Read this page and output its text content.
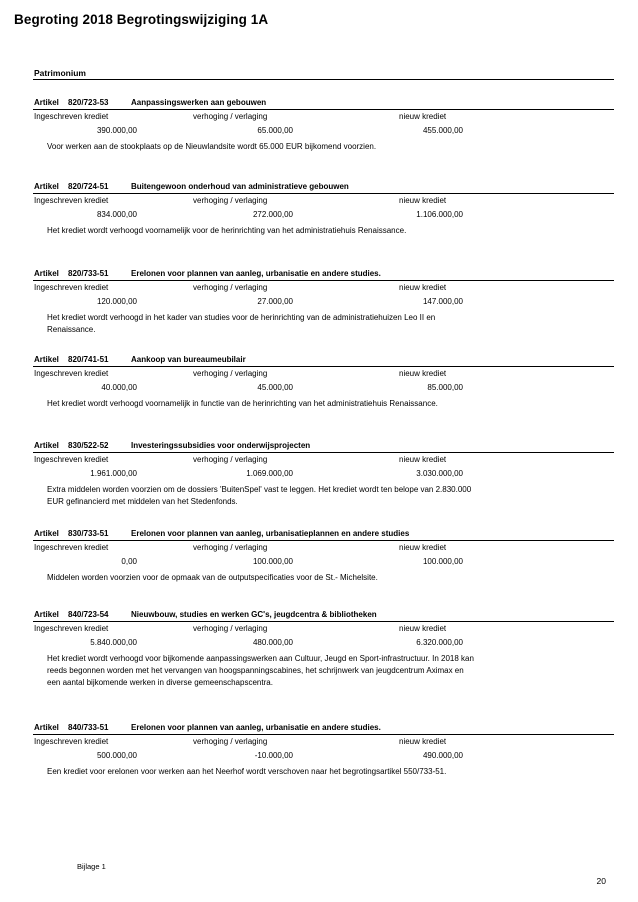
Begroting 2018 Begrotingswijziging 1A
Patrimonium
Artikel 820/723-53	Aanpassingswerken aan gebouwen
Ingeschreven krediet	verhoging / verlaging	nieuw krediet
390.000,00	65.000,00	455.000,00
Voor werken aan de stookplaats op de Nieuwlandsite wordt 65.000 EUR bijkomend voorzien.
Artikel 820/724-51	Buitengewoon onderhoud van administratieve gebouwen
Ingeschreven krediet	verhoging / verlaging	nieuw krediet
834.000,00	272.000,00	1.106.000,00
Het krediet wordt verhoogd voornamelijk voor de herinrichting van het administratiehuis Renaissance.
Artikel 820/733-51	Erelonen voor plannen van aanleg, urbanisatie en andere studies.
Ingeschreven krediet	verhoging / verlaging	nieuw krediet
120.000,00	27.000,00	147.000,00
Het krediet wordt verhoogd in het kader van studies voor de herinrichting van de administratiehuizen Leo II en Renaissance.
Artikel 820/741-51	Aankoop van bureaumeubilair
Ingeschreven krediet	verhoging / verlaging	nieuw krediet
40.000,00	45.000,00	85.000,00
Het krediet wordt verhoogd voornamelijk in functie van de herinrichting van het administratiehuis Renaissance.
Artikel 830/522-52	Investeringssubsidies voor onderwijsprojecten
Ingeschreven krediet	verhoging / verlaging	nieuw krediet
1.961.000,00	1.069.000,00	3.030.000,00
Extra middelen worden voorzien om de dossiers 'BuitenSpel' vast te leggen. Het krediet wordt ten belope van 2.830.000 EUR gefinancierd met middelen van het Stedenfonds.
Artikel 830/733-51	Erelonen voor plannen van aanleg, urbanisatieplannen en andere studies
Ingeschreven krediet	verhoging / verlaging	nieuw krediet
0,00	100.000,00	100.000,00
Middelen worden voorzien voor de opmaak van de outputspecificaties voor de St.- Michelsite.
Artikel 840/723-54	Nieuwbouw, studies en werken GC's, jeugdcentra & bibliotheken
Ingeschreven krediet	verhoging / verlaging	nieuw krediet
5.840.000,00	480.000,00	6.320.000,00
Het krediet wordt verhoogd voor bijkomende aanpassingswerken aan Cultuur, Jeugd en Sport-infrastructuur. In 2018 kan reeds begonnen worden met het vervangen van hoogspanningscabines, het schrijnwerk van jeugdcentrum Aximax en een aantal bijkomende werken in diverse gemeenschapscentra.
Artikel 840/733-51	Erelonen voor plannen van aanleg, urbanisatie en andere studies.
Ingeschreven krediet	verhoging / verlaging	nieuw krediet
500.000,00	-10.000,00	490.000,00
Een krediet voor erelonen voor werken aan het Neerhof wordt verschoven naar het begrotingsartikel 550/733-51.
Bijlage 1
20
